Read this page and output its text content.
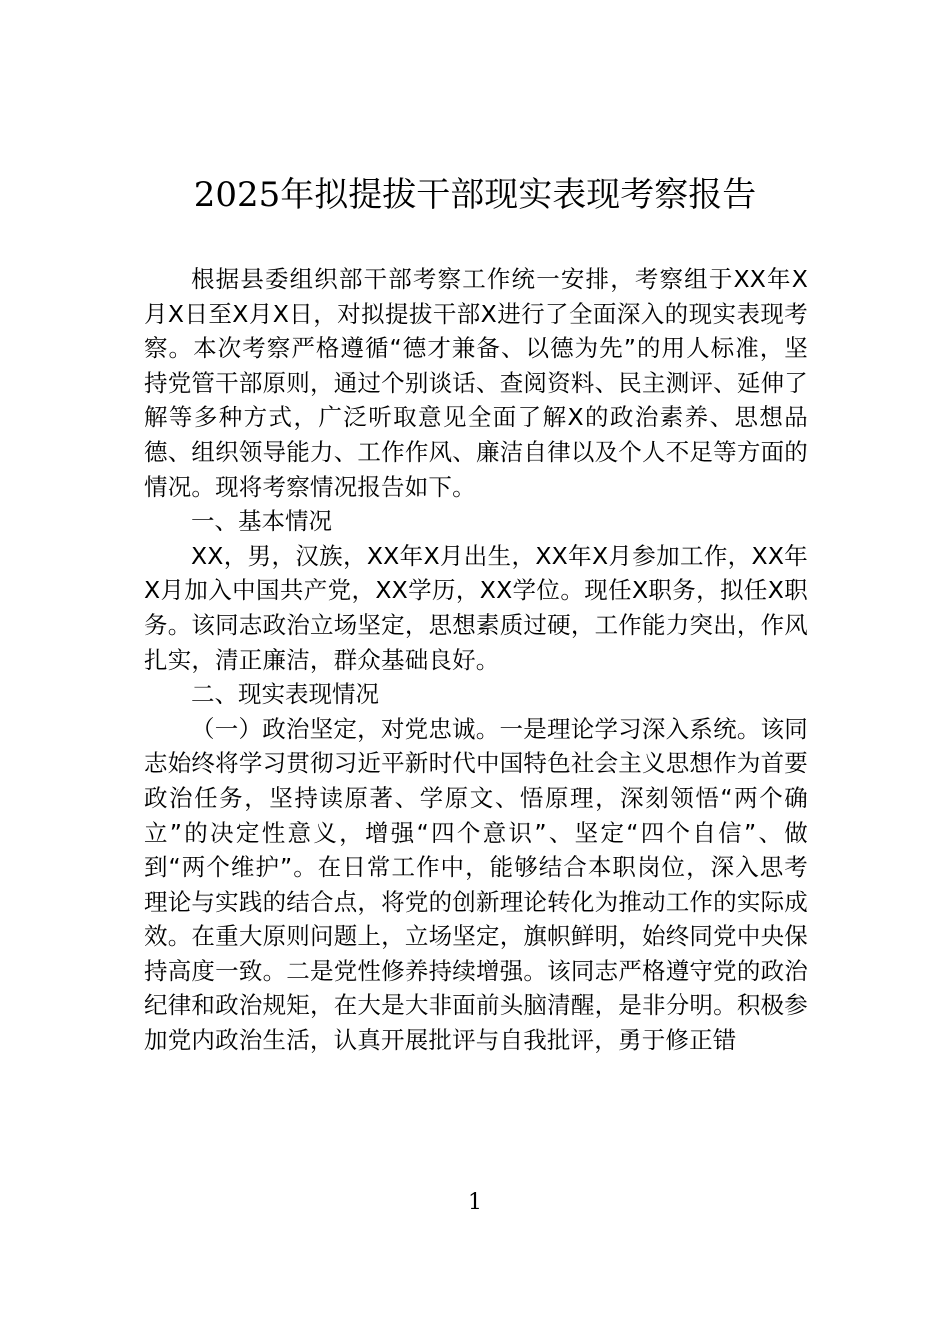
2025年拟提拔干部现实表现考察报告

根据县委组织部干部考察工作统一安排，考察组于XX年X月X日至X月X日，对拟提拔干部X进行了全面深入的现实表现考察。本次考察严格遵循“德才兼备、以德为先”的用人标准，坚持党管干部原则，通过个别谈话、查阅资料、民主测评、延伸了解等多种方式，广泛听取意见全面了解X的政治素养、思想品德、组织领导能力、工作作风、廉洁自律以及个人不足等方面的情况。现将考察情况报告如下。

一、基本情况

XX，男，汉族，XX年X月出生，XX年X月参加工作，XX年X月加入中国共产党，XX学历，XX学位。现任X职务，拟任X职务。该同志政治立场坚定，思想素质过硬，工作能力突出，作风扎实，清正廉洁，群众基础良好。

二、现实表现情况

（一）政治坚定，对党忠诚。一是理论学习深入系统。该同志始终将学习贯彻习近平新时代中国特色社会主义思想作为首要政治任务，坚持读原著、学原文、悟原理，深刻领悟“两个确立”的决定性意义，增强“四个意识”、坚定“四个自信”、做到“两个维护”。在日常工作中，能够结合本职岗位，深入思考理论与实践的结合点，将党的创新理论转化为推动工作的实际成效。在重大原则问题上，立场坚定，旗帜鲜明，始终同党中央保持高度一致。二是党性修养持续增强。该同志严格遵守党的政治纪律和政治规矩，在大是大非面前头脑清醒，是非分明。积极参加党内政治生活，认真开展批评与自我批评，勇于修正错

1
